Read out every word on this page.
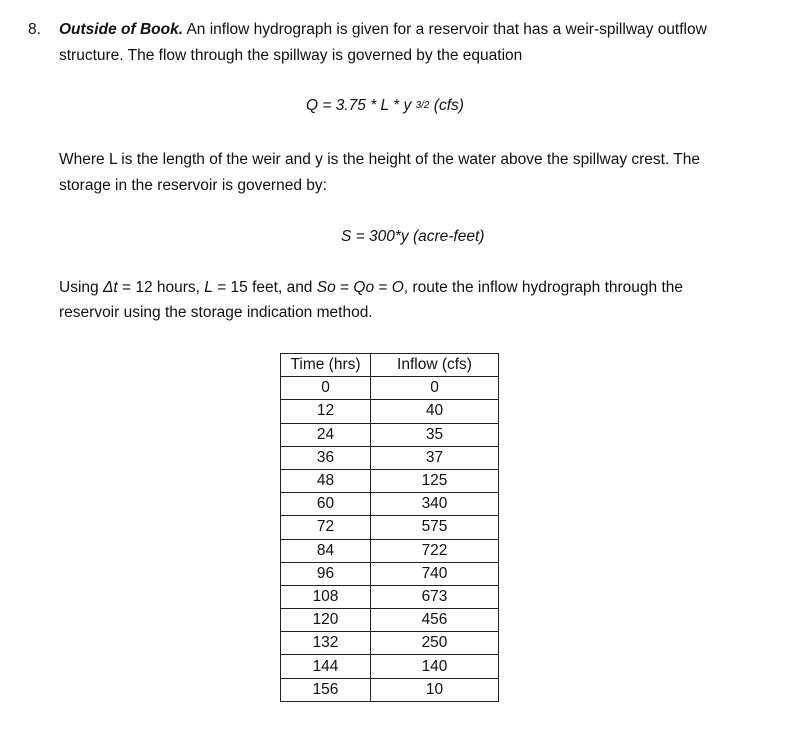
8. Outside of Book. An inflow hydrograph is given for a reservoir that has a weir-spillway outflow
structure. The flow through the spillway is governed by the equation
Q = 3.75 * L * y $^{3/2}$ (cfs)
Where L is the length of the weir and y is the height of the water above the spillway crest. The
storage in the reservoir is governed by:
S = 300*y (acre-feet)
Using Δt = 12 hours, L = 15 feet, and So = Qo = O, route the inflow hydrograph through the
reservoir using the storage indication method.
Time (hrs)	Inflow (cfs)
0	0
12	40
24	35
36	37
48	125
60	340
72	575
84	722
96	740
108	673
120	456
132	250
144	140
156	10
